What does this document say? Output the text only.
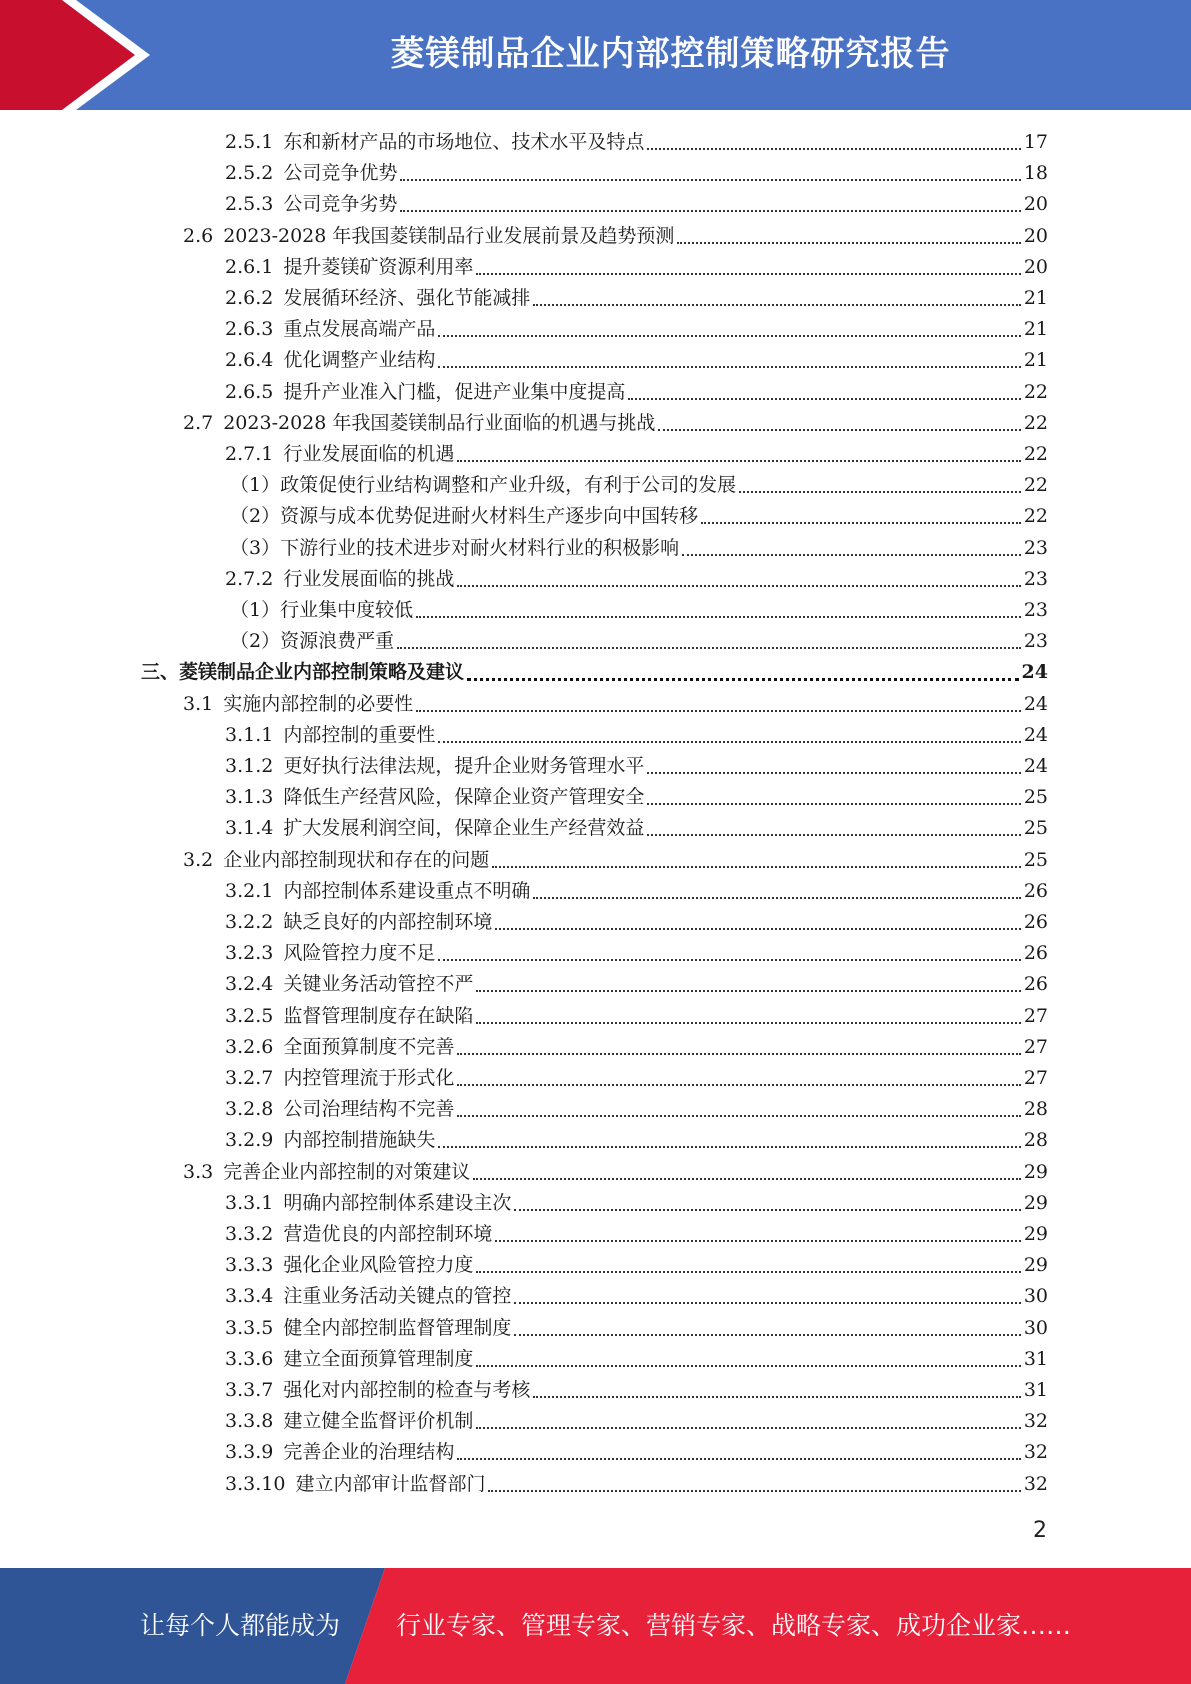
菱镁制品企业内部控制策略研究报告
2.5.1 东和新材产品的市场地位、技术水平及特点	17
2.5.2 公司竞争优势	18
2.5.3 公司竞争劣势	20
2.6 2023-2028 年我国菱镁制品行业发展前景及趋势预测	20
2.6.1 提升菱镁矿资源利用率	20
2.6.2 发展循环经济、强化节能减排	21
2.6.3 重点发展高端产品	21
2.6.4 优化调整产业结构	21
2.6.5 提升产业准入门槛，促进产业集中度提高	22
2.7 2023-2028 年我国菱镁制品行业面临的机遇与挑战	22
2.7.1 行业发展面临的机遇	22
（1） 政策促使行业结构调整和产业升级，有利于公司的发展	22
（2） 资源与成本优势促进耐火材料生产逐步向中国转移	22
（3） 下游行业的技术进步对耐火材料行业的积极影响	23
2.7.2 行业发展面临的挑战	23
（1） 行业集中度较低	23
（2） 资源浪费严重	23
三、 菱镁制品企业内部控制策略及建议	24
3.1 实施内部控制的必要性	24
3.1.1 内部控制的重要性	24
3.1.2 更好执行法律法规，提升企业财务管理水平	24
3.1.3 降低生产经营风险，保障企业资产管理安全	25
3.1.4 扩大发展利润空间，保障企业生产经营效益	25
3.2 企业内部控制现状和存在的问题	25
3.2.1 内部控制体系建设重点不明确	26
3.2.2 缺乏良好的内部控制环境	26
3.2.3 风险管控力度不足	26
3.2.4 关键业务活动管控不严	26
3.2.5 监督管理制度存在缺陷	27
3.2.6 全面预算制度不完善	27
3.2.7 内控管理流于形式化	27
3.2.8 公司治理结构不完善	28
3.2.9 内部控制措施缺失	28
3.3 完善企业内部控制的对策建议	29
3.3.1 明确内部控制体系建设主次	29
3.3.2 营造优良的内部控制环境	29
3.3.3 强化企业风险管控力度	29
3.3.4 注重业务活动关键点的管控	30
3.3.5 健全内部控制监督管理制度	30
3.3.6 建立全面预算管理制度	31
3.3.7 强化对内部控制的检查与考核	31
3.3.8 建立健全监督评价机制	32
3.3.9 完善企业的治理结构	32
3.3.10 建立内部审计监督部门	32
2
让每个人都能成为 行业专家、管理专家、营销专家、战略专家、成功企业家……
